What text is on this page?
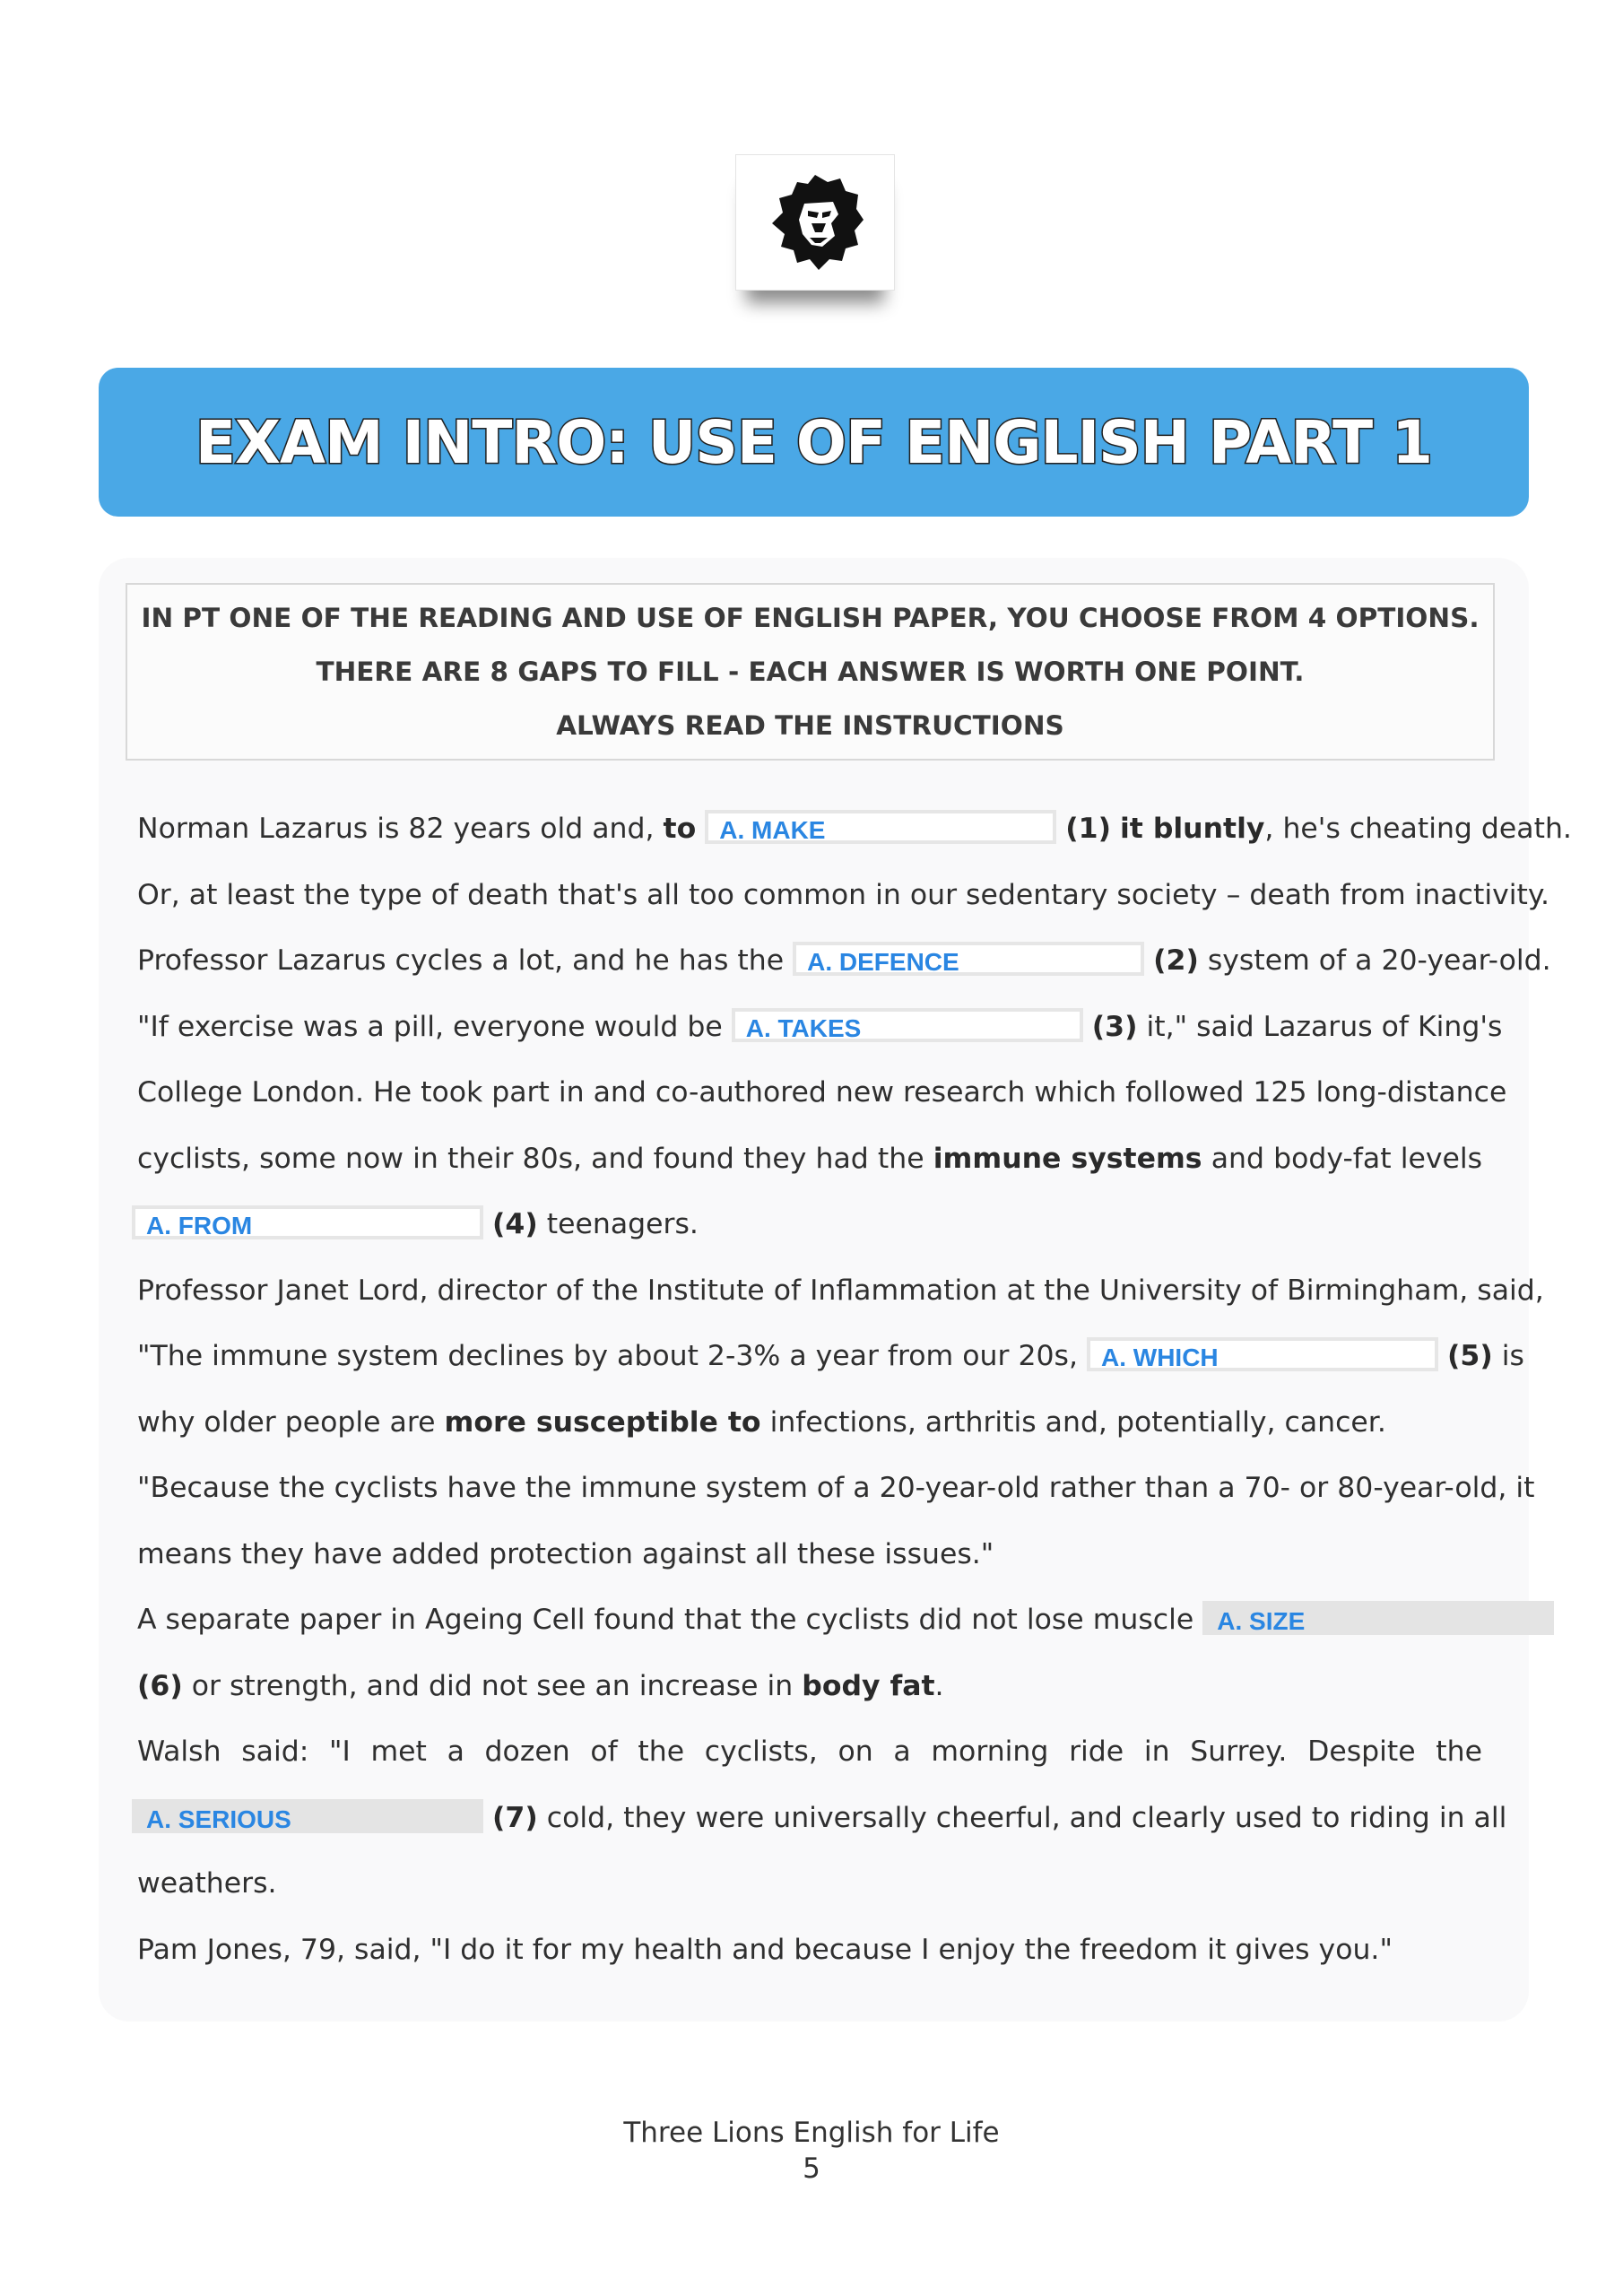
EXAM INTRO: USE OF ENGLISH PART 1
IN PT ONE OF THE READING AND USE OF ENGLISH PAPER, YOU CHOOSE FROM 4 OPTIONS.
THERE ARE 8 GAPS TO FILL - EACH ANSWER IS WORTH ONE POINT.
ALWAYS READ THE INSTRUCTIONS
Norman Lazarus is 82 years old and, to A. MAKE	(1) it bluntly, he's cheating death.
Or, at least the type of death that's all too common in our sedentary society – death from inactivity.
Professor Lazarus cycles a lot, and he has the A. DEFENCE	(2) system of a 20-year-old.
"If exercise was a pill, everyone would be A. TAKES	(3) it," said Lazarus of King's
College London. He took part in and co-authored new research which followed 125 long-distance
cyclists, some now in their 80s, and found they had the immune systems and body-fat levels
A. FROM	(4) teenagers.
Professor Janet Lord, director of the Institute of Inflammation at the University of Birmingham, said,
"The immune system declines by about 2-3% a year from our 20s, A. WHICH	(5) is
why older people are more susceptible to infections, arthritis and, potentially, cancer.
"Because the cyclists have the immune system of a 20-year-old rather than a 70- or 80-year-old, it
means they have added protection against all these issues."
A separate paper in Ageing Cell found that the cyclists did not lose muscle A. SIZE
(6) or strength, and did not see an increase in body fat.
Walsh said: "I met a dozen of the cyclists, on a morning ride in Surrey. Despite the
A. SERIOUS	(7) cold, they were universally cheerful, and clearly used to riding in all
weathers.
Pam Jones, 79, said, "I do it for my health and because I enjoy the freedom it gives you."
Three Lions English for Life
5
